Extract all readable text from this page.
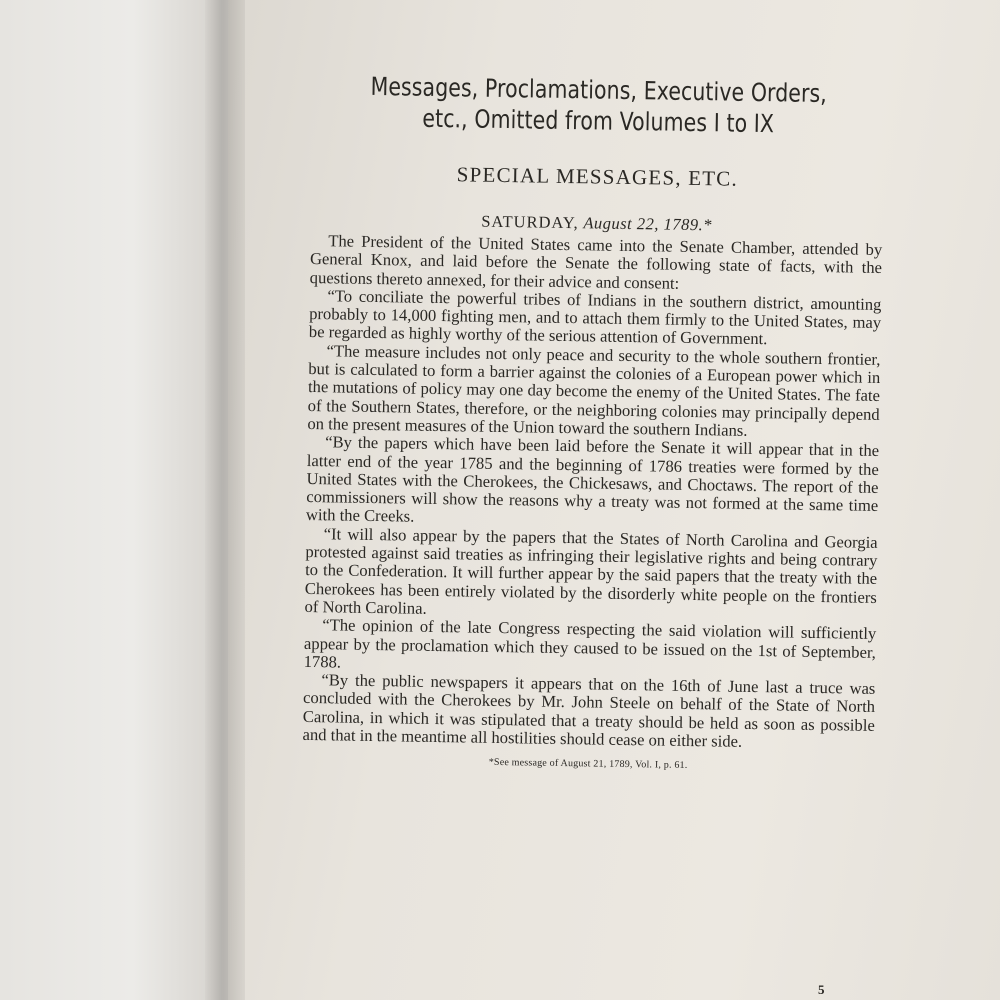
Messages, Proclamations, Executive Orders, etc., Omitted from Volumes I to IX
SPECIAL MESSAGES, ETC.
SATURDAY, August 22, 1789.*

The President of the United States came into the Senate Chamber, attended by General Knox, and laid before the Senate the following state of facts, with the questions thereto annexed, for their advice and consent:

“To conciliate the powerful tribes of Indians in the southern district, amounting probably to 14,000 fighting men, and to attach them firmly to the United States, may be regarded as highly worthy of the serious attention of Government.

“The measure includes not only peace and security to the whole southern frontier, but is calculated to form a barrier against the colonies of a European power which in the mutations of policy may one day become the enemy of the United States. The fate of the Southern States, therefore, or the neighboring colonies may principally depend on the present measures of the Union toward the southern Indians.

“By the papers which have been laid before the Senate it will appear that in the latter end of the year 1785 and the beginning of 1786 treaties were formed by the United States with the Cherokees, the Chickesaws, and Choctaws. The report of the commissioners will show the reasons why a treaty was not formed at the same time with the Creeks.

“It will also appear by the papers that the States of North Carolina and Georgia protested against said treaties as infringing their legislative rights and being contrary to the Confederation. It will further appear by the said papers that the treaty with the Cherokees has been entirely violated by the disorderly white people on the frontiers of North Carolina.

“The opinion of the late Congress respecting the said violation will sufficiently appear by the proclamation which they caused to be issued on the 1st of September, 1788.

“By the public newspapers it appears that on the 16th of June last a truce was concluded with the Cherokees by Mr. John Steele on behalf of the State of North Carolina, in which it was stipulated that a treaty should be held as soon as possible and that in the meantime all hostilities should cease on either side.

*See message of August 21, 1789, Vol. I, p. 61.

5
